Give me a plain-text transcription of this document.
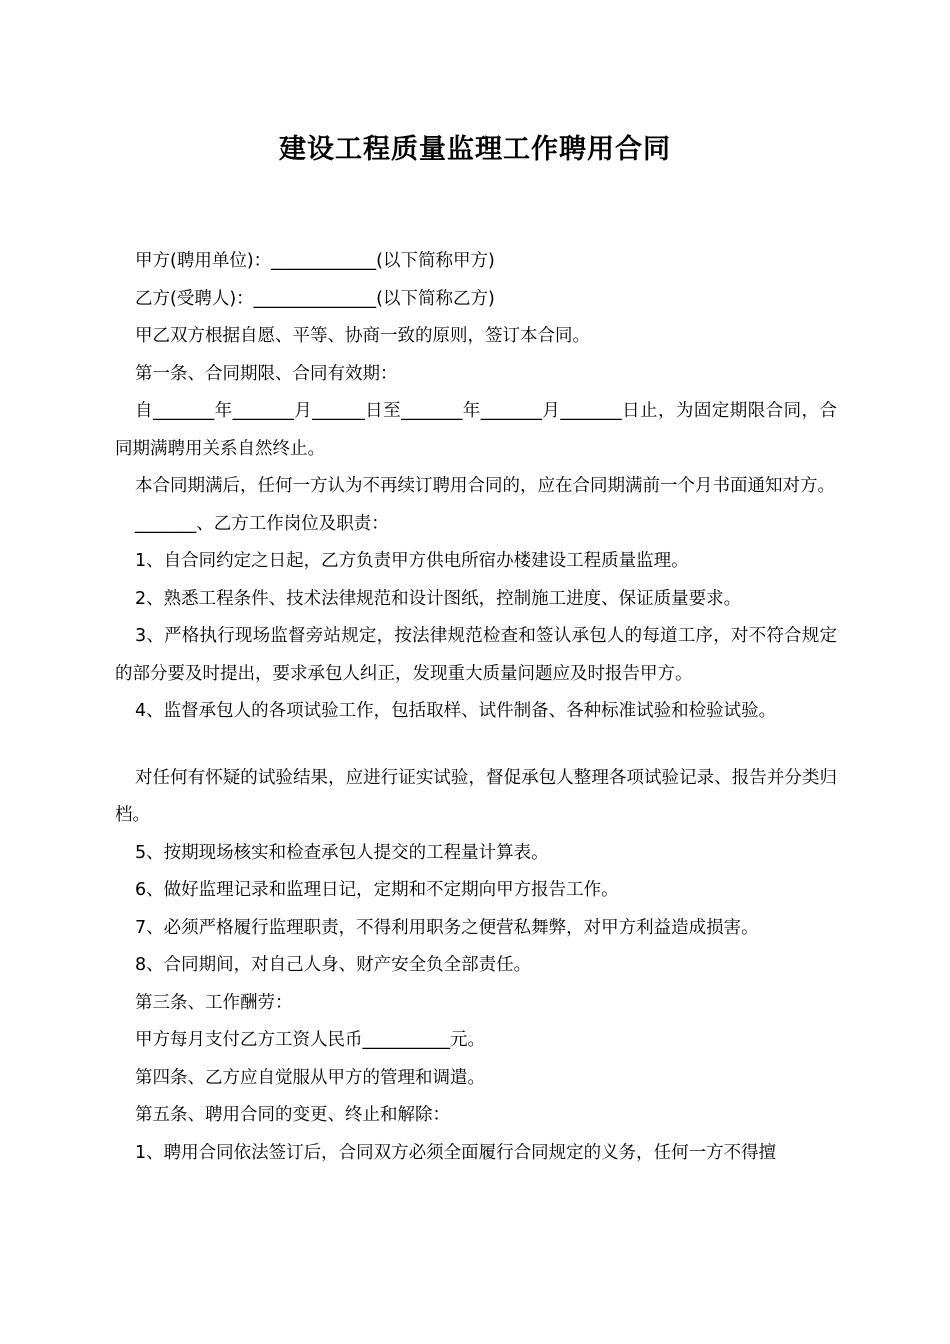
建设工程质量监理工作聘用合同

甲方(聘用单位)：____________(以下简称甲方)

乙方(受聘人)：______________(以下简称乙方)

甲乙双方根据自愿、平等、协商一致的原则，签订本合同。

第一条、合同期限、合同有效期：

自_______年_______月______日至_______年_______月_______日止，为固定期限合同，合同期满聘用关系自然终止。

本合同期满后，任何一方认为不再续订聘用合同的，应在合同期满前一个月书面通知对方。

_______、乙方工作岗位及职责：

1、自合同约定之日起，乙方负责甲方供电所宿办楼建设工程质量监理。

2、熟悉工程条件、技术法律规范和设计图纸，控制施工进度、保证质量要求。

3、严格执行现场监督旁站规定，按法律规范检查和签认承包人的每道工序，对不符合规定的部分要及时提出，要求承包人纠正，发现重大质量问题应及时报告甲方。

4、监督承包人的各项试验工作，包括取样、试件制备、各种标准试验和检验试验。

对任何有怀疑的试验结果，应进行证实试验，督促承包人整理各项试验记录、报告并分类归档。

5、按期现场核实和检查承包人提交的工程量计算表。

6、做好监理记录和监理日记，定期和不定期向甲方报告工作。

7、必须严格履行监理职责，不得利用职务之便营私舞弊，对甲方利益造成损害。

8、合同期间，对自己人身、财产安全负全部责任。

第三条、工作酬劳：

甲方每月支付乙方工资人民币__________元。

第四条、乙方应自觉服从甲方的管理和调遣。

第五条、聘用合同的变更、终止和解除：

1、聘用合同依法签订后，合同双方必须全面履行合同规定的义务，任何一方不得擅
